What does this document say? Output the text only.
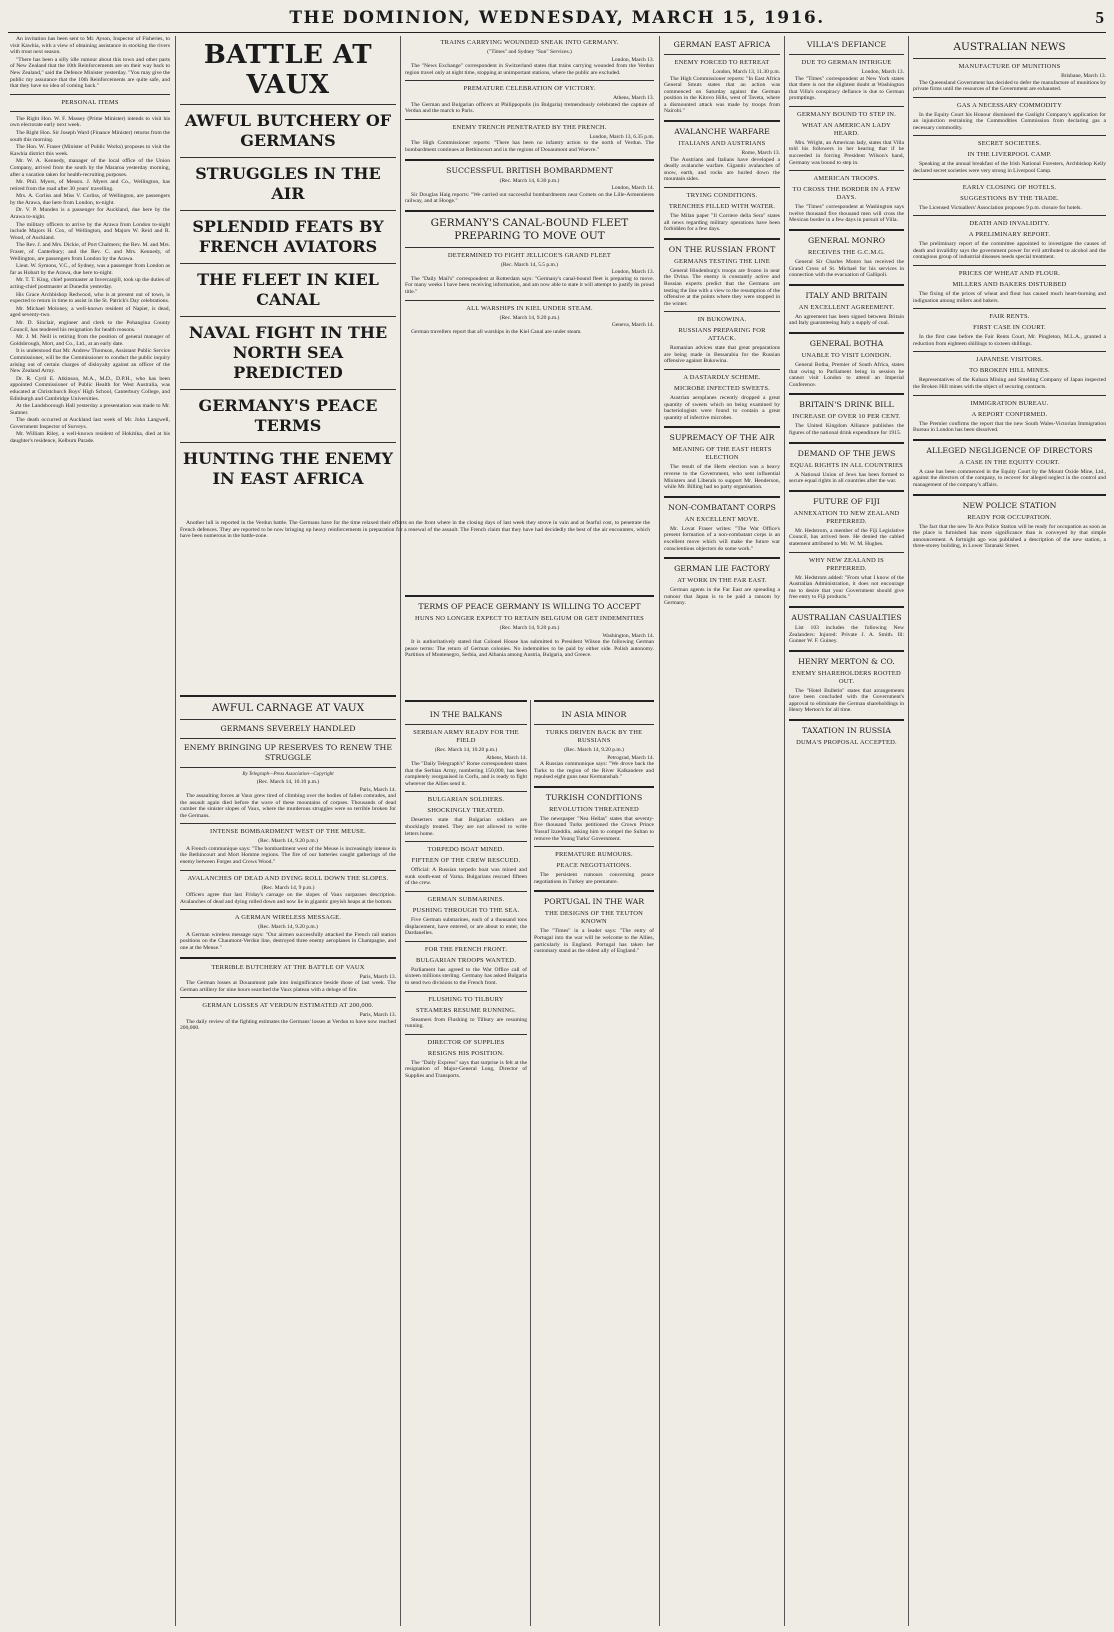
THE DOMINION, WEDNESDAY, MARCH 15, 1916.	5

An invitation has been sent to Mr. Ayson, Inspector of Fisheries, to visit Kawhia, with a view of obtaining assistance in stocking the rivers with trout next season.

"There has been a silly idle rumour about this town and other parts of New Zealand that the 10th Reinforcements are on their way back to New Zealand," said the Defence Minister yesterday. "You may give the public my assurance that the 10th Reinforcements are quite safe, and that they have no idea of coming back."

PERSONAL ITEMS

The Right Hon. W. F. Massey (Prime Minister) intends to visit his own electorate early next week.

The Right Hon. Sir Joseph Ward (Finance Minister) returns from the south this morning.

The Hon. W. Fraser (Minister of Public Works) proposes to visit the Kawhia district this week.

Mr. W. A. Kennedy, manager of the local office of the Union Company, arrived from the south by the Mararoa yesterday morning, after a vacation taken for health-recruiting purposes.

Mr. Phil. Myers, of Messrs. J. Myers and Co., Wellington, has retired from the road after 30 years' travelling.

Mrs. A. Corliss and Miss V. Corliss, of Wellington, are passengers by the Arawa, due here from London, to-night.

Dr. V. P. Munden is a passenger for Auckland, due here by the Arawa to-night.

The military officers to arrive by the Arawa from London to-night include Majors H. Cox, of Wellington, and Majors W. Reid and R. Wood, of Auckland.

The Rev. J. and Mrs. Dickie, of Port Chalmers; the Rev. M. and Mrs. Fraser, of Canterbury; and the Rev. C. and Mrs. Kennedy, of Wellington, are passengers from London by the Arawa.

Lieut. W. Symons, V.C., of Sydney, was a passenger from London as far as Hobart by the Arawa, due here to-night.

Mr. T. T. King, chief postmaster at Invercargill, took up the duties of acting-chief postmaster at Dunedin yesterday.

His Grace Archbishop Redwood, who is at present out of town, is expected to return in time to assist in the St. Patrick's Day celebrations.

Mr. Michael Moloney, a well-known resident of Napier, is dead, aged seventy-two.

Mr. D. Sinclair, engineer and clerk to the Pohangina County Council, has tendered his resignation for health reasons.

Mr. J. M. Neill is retiring from the position of general manager of Goldsbrough, Mort, and Co., Ltd., at an early date.

It is understood that Mr. Andrew Thomson, Assistant Public Service Commissioner, will be the Commissioner to conduct the public inquiry arising out of certain charges of disloyalty against an officer of the New Zealand Army.

Dr. R. Cyril E. Atkinson, M.A., M.D., D.P.H., who has been appointed Commissioner of Public Health for West Australia, was educated at Christchurch Boys' High School, Canterbury College, and Edinburgh and Cambridge Universities.

At the Landsborough Hall yesterday a presentation was made to Mr. Sumner.

The death occurred at Auckland last week of Mr. John Langwell, Government Inspector of Surveys.

Mr. William Riley, a well-known resident of Hokitika, died at his daughter's residence, Kelburn Parade.

BATTLE AT VAUX
AWFUL BUTCHERY OF GERMANS
STRUGGLES IN THE AIR
SPLENDID FEATS BY FRENCH AVIATORS
THE FLEET IN KIEL CANAL
NAVAL FIGHT IN THE NORTH SEA PREDICTED
GERMANY'S PEACE TERMS
HUNTING THE ENEMY IN EAST AFRICA

Another lull is reported in the Verdun battle. The Germans have for the time relaxed their efforts on the front where in the closing days of last week they strove in vain and at fearful cost, to penetrate the French defences. They are reported to be now bringing up heavy reinforcements in preparation for a renewal of the assault. The French claim that they have had decidedly the best of the air encounters, which have been numerous in the battle-zone.

AWFUL CARNAGE AT VAUX
GERMANS SEVERELY HANDLED
ENEMY BRINGING UP RESERVES TO RENEW THE STRUGGLE
By Telegraph—Press Association—Copyright
(Rec. March 14, 10.10 p.m.)
Paris, March 14.

The assaulting forces at Vaux grew tired of climbing over the bodies of fallen comrades, and the assault again died before the wave of these mountains of corpses. Thousands of dead cumber the sinister slopes of Vaux, where the murderous struggles were so terrible broken for the Germans.

INTENSE BOMBARDMENT WEST OF THE MEUSE.
(Rec. March 14, 9.20 p.m.)

A French communique says: "The bombardment west of the Meuse is increasingly intense in the Bethincourt and Mort Homme regions. The fire of our batteries caught gatherings of the enemy between Forges and Crows Wood."

AVALANCHES OF DEAD AND DYING ROLL DOWN THE SLOPES.
(Rec. March 14, 9 p.m.)

Officers agree that last Friday's carnage on the slopes of Vaux surpasses description. Avalanches of dead and dying rolled down and now lie in gigantic greyish heaps at the bottom.

A GERMAN WIRELESS MESSAGE.
(Rec. March 14, 9.20 p.m.)

A German wireless message says: "Our airmen successfully attacked the French rail station positions on the Chaumont-Verdun line, destroyed three enemy aeroplanes in Champagne, and one at the Meuse."

TERRIBLE BUTCHERY AT THE BATTLE OF VAUX
Paris, March 13.

The German losses at Douaumont pale into insignificance beside those of last week. The German artillery for nine hours searched the Vaux plateau with a deluge of fire.

GERMAN LOSSES AT VERDUN ESTIMATED AT 200,000.
Paris, March 13.

The daily review of the fighting estimates the Germans' losses at Verdun to have now reached 200,000.

TRAINS CARRYING WOUNDED SNEAK INTO GERMANY.
("Times" and Sydney "Sun" Services.)
London, March 13.

The "News Exchange" correspondent in Switzerland states that trains carrying wounded from the Verdun region travel only at night time, stopping at unimportant stations, where the public are excluded.

PREMATURE CELEBRATION OF VICTORY.
Athens, March 13.

The German and Bulgarian officers at Philippopolis (in Bulgaria) tremendously celebrated the capture of Verdun and the march to Paris.

ENEMY TRENCH PENETRATED BY THE FRENCH.
London, March 13, 6.35 p.m.

The High Commissioner reports: "There has been no infantry action to the north of Verdun. The bombardment continues at Bethincourt and in the regions of Douaumont and Woevre."

SUCCESSFUL BRITISH BOMBARDMENT
(Rec. March 14, 6.30 p.m.)
London, March 14.

Sir Douglas Haig reports: "We carried out successful bombardments near Comets on the Lille-Armentieres railway, and at Hooge."

GERMANY'S CANAL-BOUND FLEET PREPARING TO MOVE OUT
DETERMINED TO FIGHT JELLICOE'S GRAND FLEET
(Rec. March 14, 5.5 p.m.)
London, March 13.

The "Daily Mail's" correspondent at Rotterdam says: "Germany's canal-bound fleet is preparing to move. For many weeks I have been receiving information, and am now able to state it will attempt to justify its proud title."

ALL WARSHIPS IN KIEL UNDER STEAM.
(Rec. March 14, 9.20 p.m.)
Geneva, March 14.

German travellers report that all warships in the Kiel Canal are under steam.

TERMS OF PEACE GERMANY IS WILLING TO ACCEPT
HUNS NO LONGER EXPECT TO RETAIN BELGIUM OR GET INDEMNITIES
(Rec. March 14, 9.20 p.m.)
Washington, March 14.

It is authoritatively stated that Colonel House has submitted to President Wilson the following German peace terms: The return of German colonies. No indemnities to be paid by either side. Polish autonomy. Partition of Montenegro, Serbia, and Albania among Austria, Bulgaria, and Greece.

IN THE BALKANS
SERBIAN ARMY READY FOR THE FIELD
(Rec. March 14, 10.20 p.m.)
Athens, March 14.

The "Daily Telegraph's" Rome correspondent states that the Serbian Army, numbering 150,000, has been completely reorganised in Corfu, and is ready to fight wherever the Allies send it.

BULGARIAN SOLDIERS.
SHOCKINGLY TREATED.

Deserters state that Bulgarian soldiers are shockingly treated. They are not allowed to write letters home.

TORPEDO BOAT MINED.
FIFTEEN OF THE CREW RESCUED.

Official: A Russian torpedo boat was mined and sunk south-east of Varna. Bulgarians rescued fifteen of the crew.

GERMAN SUBMARINES.
PUSHING THROUGH TO THE SEA.

Five German submarines, each of a thousand tons displacement, have entered, or are about to enter, the Dardanelles.

FOR THE FRENCH FRONT.
BULGARIAN TROOPS WANTED.

Parliament has agreed to the War Office call of sixteen millions sterling. Germany has asked Bulgaria to send two divisions to the French front.

FLUSHING TO TILBURY
STEAMERS RESUME RUNNING.

Steamers from Flushing to Tilbury are resuming running.

DIRECTOR OF SUPPLIES
RESIGNS HIS POSITION.

The "Daily Express" says that surprise is felt at the resignation of Major-General Long, Director of Supplies and Transports.

IN ASIA MINOR
TURKS DRIVEN BACK BY THE RUSSIANS
(Rec. March 14, 9.20 p.m.)
Petrograd, March 14.

A Russian communique says: "We drove back the Turks to the region of the River Kalkandere and repulsed eight guns near Kermanshah."

TURKISH CONDITIONS
REVOLUTION THREATENED

The newspaper "Nea Hellas" states that seventy-five thousand Turks petitioned the Crown Prince Yussuf Izzeddin, asking him to compel the Sultan to remove the Young Turks' Government.

PREMATURE RUMOURS.
PEACE NEGOTIATIONS.

The persistent rumours concerning peace negotiations in Turkey are premature.

PORTUGAL IN THE WAR
THE DESIGNS OF THE TEUTON KNOWN

The "Times" in a leader says: "The entry of Portugal into the war will be welcome to the Allies, particularly in England. Portugal has taken her customary stand as the oldest ally of England."

GERMAN EAST AFRICA
ENEMY FORCED TO RETREAT
London, March 13, 11.30 p.m.

The High Commissioner reports: "In East Africa General Smuts states that an action was commenced on Saturday against the German position in the Kitovo Hills, west of Taveta, where a dismounted attack was made by troops from Nairobi."

AVALANCHE WARFARE
ITALIANS AND AUSTRIANS
Rome, March 13.

The Austrians and Italians have developed a deadly avalanche warfare. Gigantic avalanches of snow, earth, and rocks are hurled down the mountain sides.

TRYING CONDITIONS.
TRENCHES FILLED WITH WATER.

The Milan paper "Il Corriere della Sera" states all news regarding military operations have been forbidden for a few days.

ON THE RUSSIAN FRONT
GERMANS TESTING THE LINE

General Hindenburg's troops are frozen in near the Dvina. The enemy is constantly active and Russian experts predict that the Germans are testing the line with a view to the resumption of the offensive at the points where they were stopped in the winter.

IN BUKOWINA.
RUSSIANS PREPARING FOR ATTACK.

Rumanian advices state that great preparations are being made in Bessarabia for the Russian offensive against Bukowina.

A DASTARDLY SCHEME.
MICROBE INFECTED SWEETS.

Austrian aeroplanes recently dropped a great quantity of sweets which on being examined by bacteriologists were found to contain a great quantity of infective microbes.

SUPREMACY OF THE AIR
MEANING OF THE EAST HERTS ELECTION

The result of the Herts election was a heavy reverse to the Government, who sent influential Ministers and Liberals to support Mr. Henderson, while Mr. Billing had no party organisation.

NON-COMBATANT CORPS
AN EXCELLENT MOVE.

Mr. Lovat Fraser writes: "The War Office's present formation of a non-combatant corps is an excellent move which will make the future war conscientious objectors do some work."

GERMAN LIE FACTORY
AT WORK IN THE FAR EAST.

German agents in the Far East are spreading a rumour that Japan is to be paid a ransom by Germany.

VILLA'S DEFIANCE
DUE TO GERMAN INTRIGUE
London, March 13.

The "Times" correspondent at New York states that there is not the slightest doubt at Washington that Villa's conspiracy defiance is due to German promptings.

GERMANY BOUND TO STEP IN.
WHAT AN AMERICAN LADY HEARD.

Mrs. Wright, an American lady, states that Villa told his followers in her hearing that if he succeeded in forcing President Wilson's hand, Germany was bound to step in.

AMERICAN TROOPS.
TO CROSS THE BORDER IN A FEW DAYS.

The "Times" correspondent at Washington says twelve thousand five thousand men will cross the Mexican border in a few days in pursuit of Villa.

GENERAL MONRO
RECEIVES THE G.C.M.G.

General Sir Charles Monro has received the Grand Cross of St. Michael for his services in connection with the evacuation of Gallipoli.

ITALY AND BRITAIN
AN EXCELLENT AGREEMENT.

An agreement has been signed between Britain and Italy guaranteeing Italy a supply of coal.

GENERAL BOTHA
UNABLE TO VISIT LONDON.

General Botha, Premier of South Africa, states that owing to Parliament being in session he cannot visit London to attend an Imperial Conference.

BRITAIN'S DRINK BILL
INCREASE OF OVER 10 PER CENT.

The United Kingdom Alliance publishes the figures of the national drink expenditure for 1915.

DEMAND OF THE JEWS
EQUAL RIGHTS IN ALL COUNTRIES

A National Union of Jews has been formed to secure equal rights in all countries after the war.

FUTURE OF FIJI
ANNEXATION TO NEW ZEALAND PREFERRED.

Mr. Hedstrom, a member of the Fiji Legislative Council, has arrived here. He denied the cabled statement attributed to Mr. W. M. Hughes.

WHY NEW ZEALAND IS PREFERRED.

Mr. Hedstrom added: "From what I know of the Australian Administration, it does not encourage me to desire that your Government should give free entry to Fiji products."

AUSTRALIAN CASUALTIES

List 103 includes the following New Zealanders: Injured: Private J. A. Smith. Ill: Gunner W. F. Guiney.

HENRY MERTON & CO.
ENEMY SHAREHOLDERS ROOTED OUT.

The "Hotel Bulletin" states that arrangements have been concluded with the Government's approval to eliminate the German shareholdings in Henry Merton's for all time.

TAXATION IN RUSSIA
DUMA'S PROPOSAL ACCEPTED.
AUSTRALIAN NEWS
MANUFACTURE OF MUNITIONS
Brisbane, March 13.

The Queensland Government has decided to defer the manufacture of munitions by private firms until the resources of the Government are exhausted.

GAS A NECESSARY COMMODITY

In the Equity Court his Honour dismissed the Gaslight Company's application for an injunction restraining the Commodities Commission from declaring gas a necessary commodity.

SECRET SOCIETIES.
IN THE LIVERPOOL CAMP.

Speaking at the annual breakfast of the Irish National Foresters, Archbishop Kelly declared secret societies were very strong in Liverpool Camp.

EARLY CLOSING OF HOTELS.
SUGGESTIONS BY THE TRADE.

The Licensed Victuallers' Association proposes 9 p.m. closure for hotels.

DEATH AND INVALIDITY.
A PRELIMINARY REPORT.

The preliminary report of the committee appointed to investigate the causes of death and invalidity says the government power for evil attributed to alcohol and the contagious group of industrial diseases needs special treatment.

PRICES OF WHEAT AND FLOUR.
MILLERS AND BAKERS DISTURBED

The fixing of the prices of wheat and flour has caused much heart-burning and indignation among millers and bakers.

FAIR RENTS.
FIRST CASE IN COURT.

In the first case before the Fair Rents Court, Mr. Pingleton, M.L.A., granted a reduction from eighteen shillings to sixteen shillings.

JAPANESE VISITORS.
TO BROKEN HILL MINES.

Representatives of the Kuhara Mining and Smelting Company of Japan inspected the Broken Hill mines with the object of securing contracts.

IMMIGRATION BUREAU.
A REPORT CONFIRMED.

The Premier confirms the report that the new South Wales-Victorian Immigration Bureau in London has been dissolved.

ALLEGED NEGLIGENCE OF DIRECTORS
A CASE IN THE EQUITY COURT.

A case has been commenced in the Equity Court by the Mount Oxide Mine, Ltd., against the directors of the company, to recover for alleged neglect in the control and management of the company's affairs.

NEW POLICE STATION
READY FOR OCCUPATION.

The fact that the new Te Aro Police Station will be ready for occupation as soon as the place is furnished has more significance than is conveyed by that simple announcement. A fortnight ago was published a description of the new station, a three-storey building, in Lower Taranaki Street.
